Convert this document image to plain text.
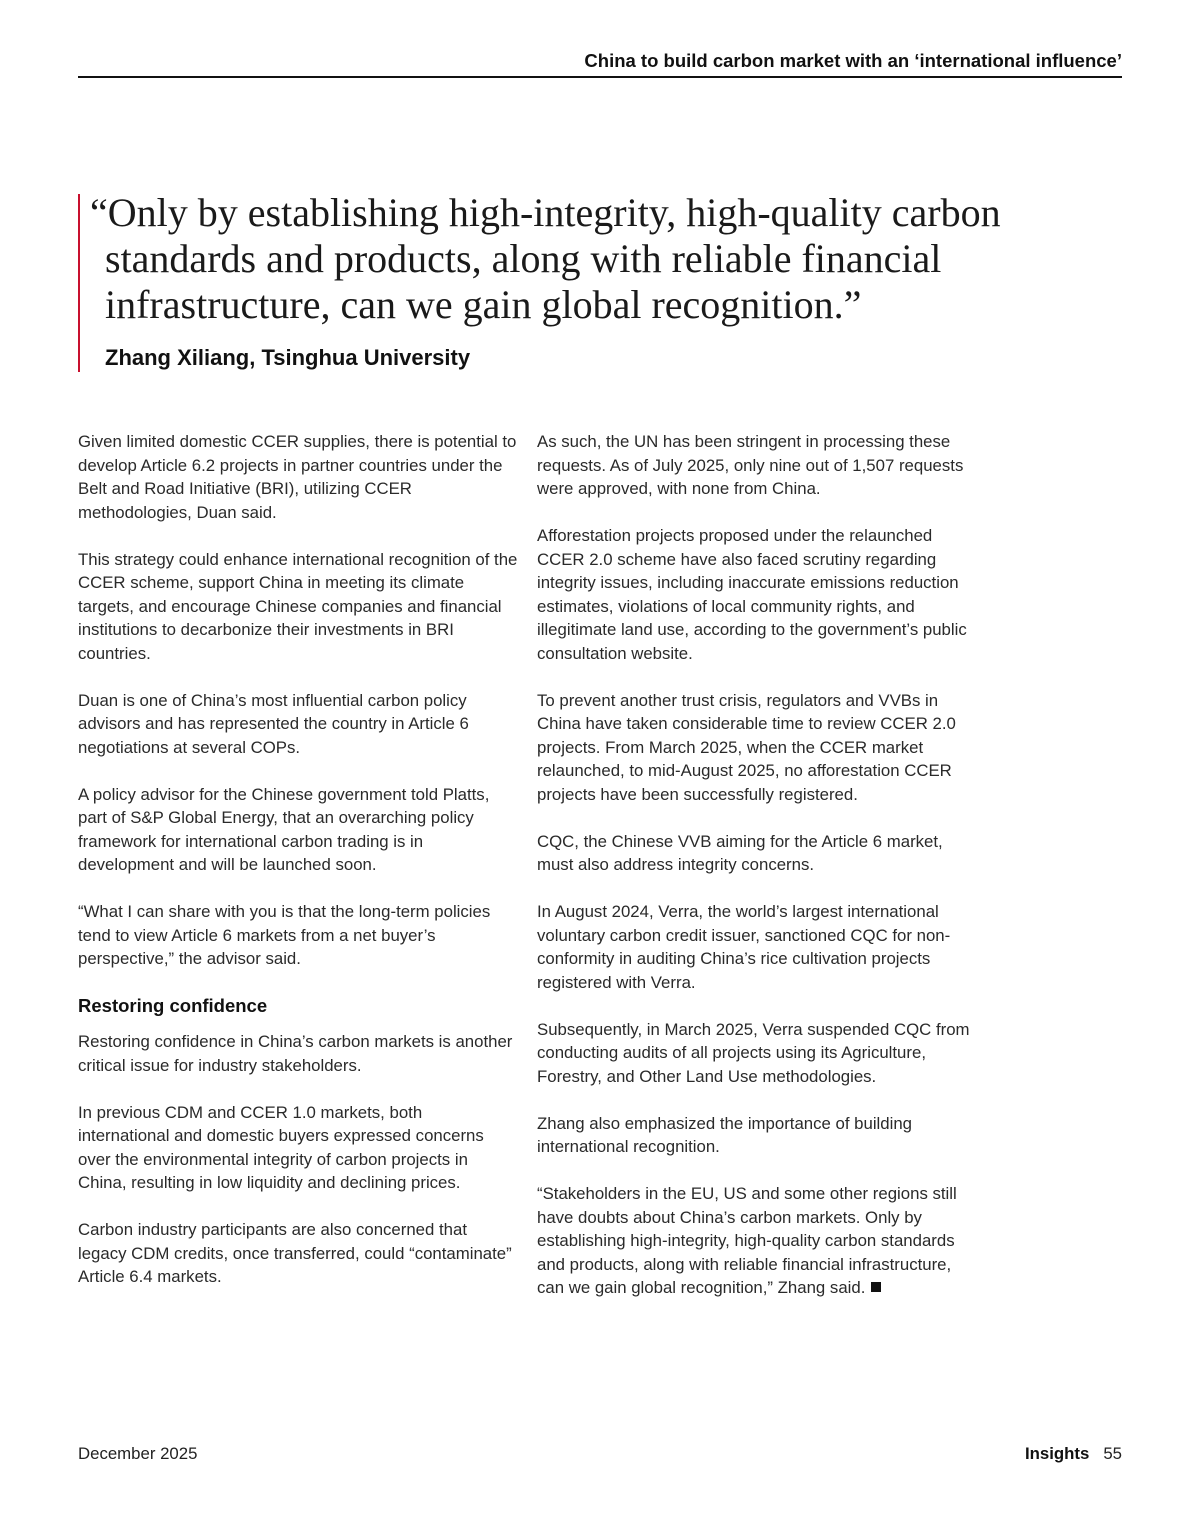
China to build carbon market with an ‘international influence’
“Only by establishing high-integrity, high-quality carbon standards and products, along with reliable financial infrastructure, can we gain global recognition.”
Zhang Xiliang, Tsinghua University

Given limited domestic CCER supplies, there is potential to develop Article 6.2 projects in partner countries under the Belt and Road Initiative (BRI), utilizing CCER methodologies, Duan said.

This strategy could enhance international recognition of the CCER scheme, support China in meeting its climate targets, and encourage Chinese companies and financial institutions to decarbonize their investments in BRI countries.

Duan is one of China’s most influential carbon policy advisors and has represented the country in Article 6 negotiations at several COPs.

A policy advisor for the Chinese government told Platts, part of S&P Global Energy, that an overarching policy framework for international carbon trading is in development and will be launched soon.

“What I can share with you is that the long-term policies tend to view Article 6 markets from a net buyer’s perspective,” the advisor said.

Restoring confidence

Restoring confidence in China’s carbon markets is another critical issue for industry stakeholders.

In previous CDM and CCER 1.0 markets, both international and domestic buyers expressed concerns over the environmental integrity of carbon projects in China, resulting in low liquidity and declining prices.

Carbon industry participants are also concerned that legacy CDM credits, once transferred, could “contaminate” Article 6.4 markets.

As such, the UN has been stringent in processing these requests. As of July 2025, only nine out of 1,507 requests were approved, with none from China.

Afforestation projects proposed under the relaunched CCER 2.0 scheme have also faced scrutiny regarding integrity issues, including inaccurate emissions reduction estimates, violations of local community rights, and illegitimate land use, according to the government’s public consultation website.

To prevent another trust crisis, regulators and VVBs in China have taken considerable time to review CCER 2.0 projects. From March 2025, when the CCER market relaunched, to mid-August 2025, no afforestation CCER projects have been successfully registered.

CQC, the Chinese VVB aiming for the Article 6 market, must also address integrity concerns.

In August 2024, Verra, the world’s largest international voluntary carbon credit issuer, sanctioned CQC for non-conformity in auditing China’s rice cultivation projects registered with Verra.

Subsequently, in March 2025, Verra suspended CQC from conducting audits of all projects using its Agriculture, Forestry, and Other Land Use methodologies.

Zhang also emphasized the importance of building international recognition.

“Stakeholders in the EU, US and some other regions still have doubts about China’s carbon markets. Only by establishing high-integrity, high-quality carbon standards and products, along with reliable financial infrastructure, can we gain global recognition,” Zhang said.

December 2025	Insights 55
